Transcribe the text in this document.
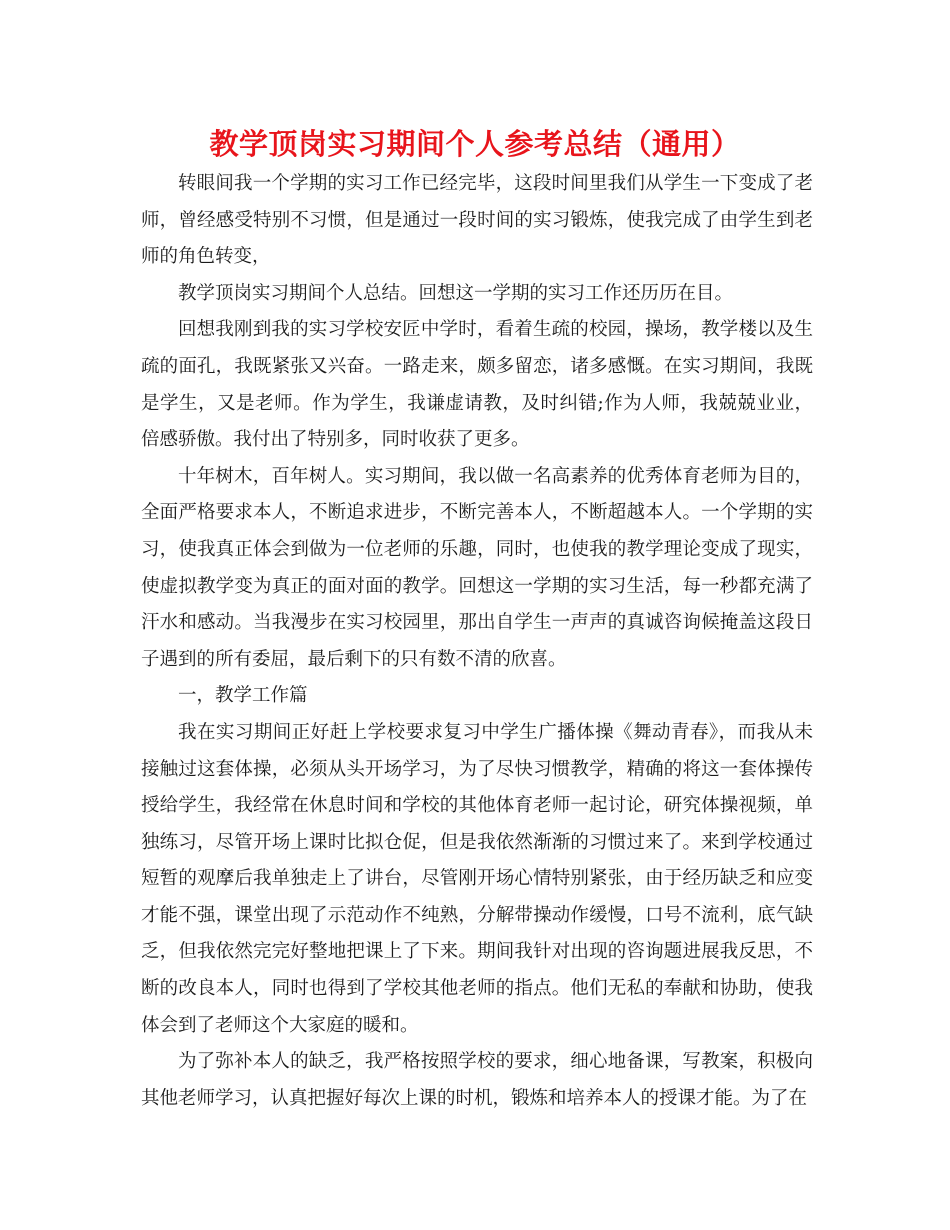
教学顶岗实习期间个人参考总结（通用）

转眼间我一个学期的实习工作已经完毕，这段时间里我们从学生一下变成了老师，曾经感受特别不习惯，但是通过一段时间的实习锻炼，使我完成了由学生到老师的角色转变，

教学顶岗实习期间个人总结。回想这一学期的实习工作还历历在目。

回想我刚到我的实习学校安匠中学时，看着生疏的校园，操场，教学楼以及生疏的面孔，我既紧张又兴奋。一路走来，颇多留恋，诸多感慨。在实习期间，我既是学生，又是老师。作为学生，我谦虚请教，及时纠错;作为人师，我兢兢业业，倍感骄傲。我付出了特别多，同时收获了更多。

十年树木，百年树人。实习期间，我以做一名高素养的优秀体育老师为目的，全面严格要求本人，不断追求进步，不断完善本人，不断超越本人。一个学期的实习，使我真正体会到做为一位老师的乐趣，同时，也使我的教学理论变成了现实，使虚拟教学变为真正的面对面的教学。回想这一学期的实习生活，每一秒都充满了汗水和感动。当我漫步在实习校园里，那出自学生一声声的真诚咨询候掩盖这段日子遇到的所有委屈，最后剩下的只有数不清的欣喜。

一，教学工作篇

我在实习期间正好赶上学校要求复习中学生广播体操《舞动青春》，而我从未接触过这套体操，必须从头开场学习，为了尽快习惯教学，精确的将这一套体操传授给学生，我经常在休息时间和学校的其他体育老师一起讨论，研究体操视频，单独练习，尽管开场上课时比拟仓促，但是我依然渐渐的习惯过来了。来到学校通过短暂的观摩后我单独走上了讲台，尽管刚开场心情特别紧张，由于经历缺乏和应变才能不强，课堂出现了示范动作不纯熟，分解带操动作缓慢，口号不流利，底气缺乏，但我依然完完好整地把课上了下来。期间我针对出现的咨询题进展我反思，不断的改良本人，同时也得到了学校其他老师的指点。他们无私的奉献和协助，使我体会到了老师这个大家庭的暖和。

为了弥补本人的缺乏，我严格按照学校的要求，细心地备课，写教案，积极向其他老师学习，认真把握好每次上课的时机，锻炼和培养本人的授课才能。为了在
